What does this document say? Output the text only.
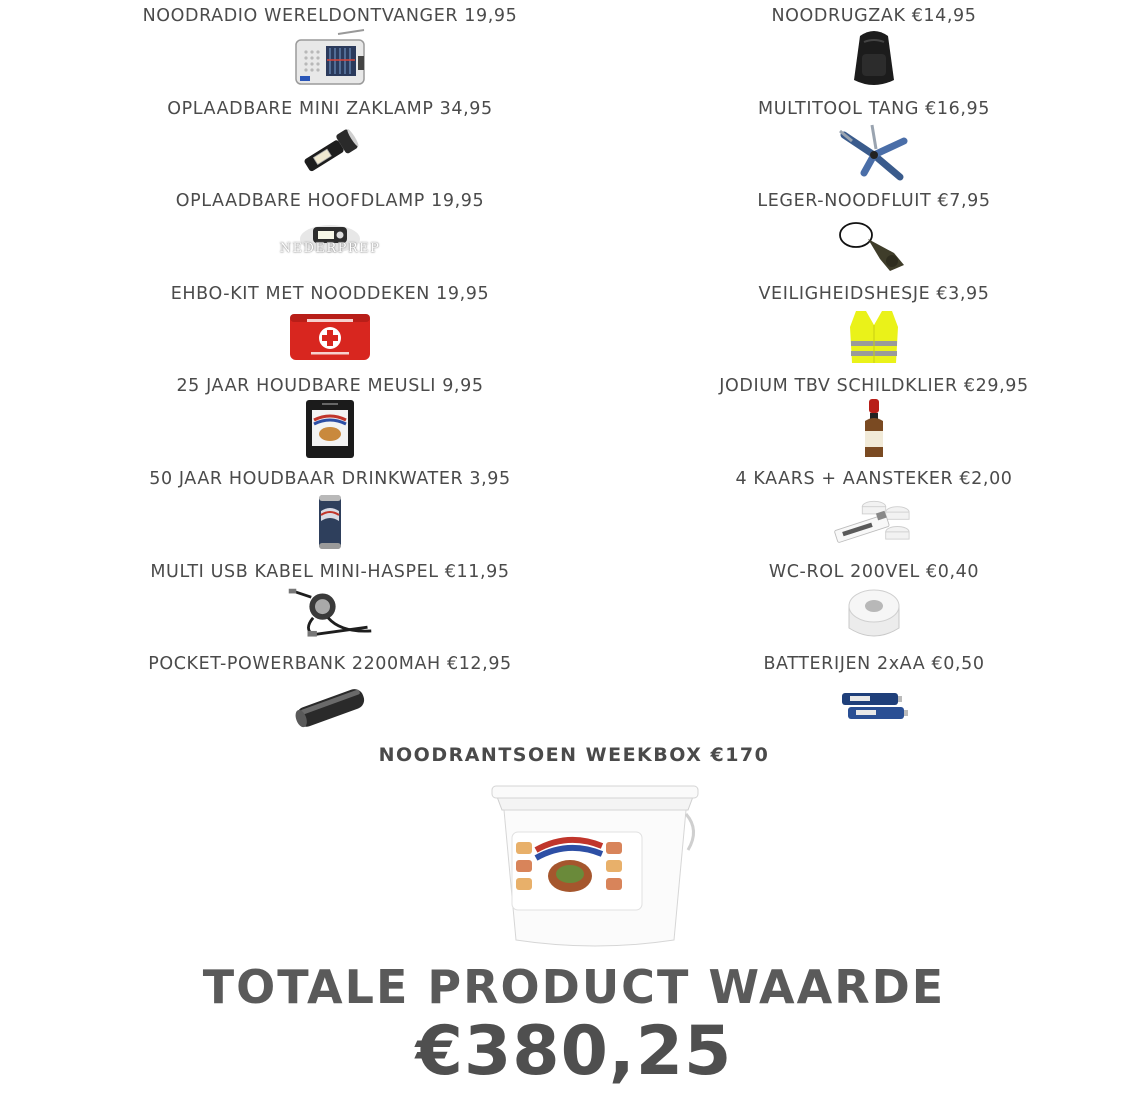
NOODRADIO WERELDONTVANGER 19,95
OPLAADBARE MINI ZAKLAMP 34,95
OPLAADBARE HOOFDLAMP 19,95
NEDERPREP
EHBO-KIT MET NOODDEKEN 19,95
25 JAAR HOUDBARE MEUSLI 9,95
50 JAAR HOUDBAAR DRINKWATER 3,95
MULTI USB KABEL MINI-HASPEL €11,95
POCKET-POWERBANK 2200MAH €12,95
NOODRUGZAK €14,95
MULTITOOL TANG €16,95
LEGER-NOODFLUIT €7,95
VEILIGHEIDSHESJE €3,95
JODIUM TBV SCHILDKLIER €29,95
4 KAARS + AANSTEKER €2,00
WC-ROL 200VEL €0,40
BATTERIJEN 2xAA €0,50
NOODRANTSOEN WEEKBOX €170
TOTALE PRODUCT WAARDE
€380,25
